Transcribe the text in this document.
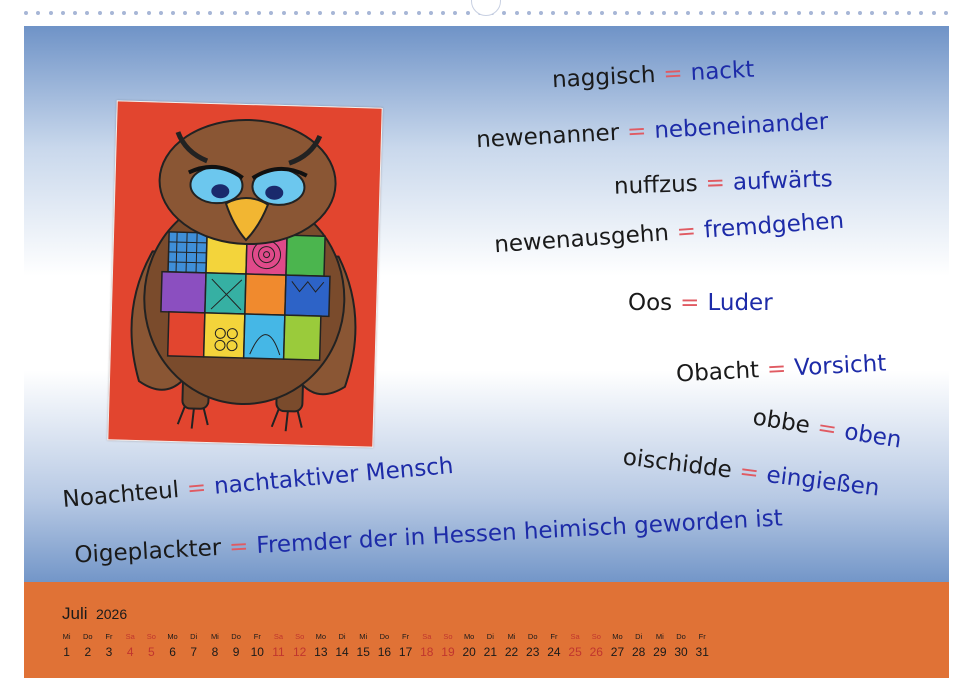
naggisch = nackt
newenanner = nebeneinander
nuffzus = aufwärts
newenausgehn = fremdgehen
Oos = Luder
Obacht = Vorsicht
obbe = oben
oischidde = eingießen
Noachteul = nachtaktiver Mensch
Oigeplackter = Fremder der in Hessen heimisch geworden ist
Juli 2026
Mi
1
Do
2
Fr
3
Sa
4
So
5
Mo
6
Di
7
Mi
8
Do
9
Fr
10
Sa
11
So
12
Mo
13
Di
14
Mi
15
Do
16
Fr
17
Sa
18
So
19
Mo
20
Di
21
Mi
22
Do
23
Fr
24
Sa
25
So
26
Mo
27
Di
28
Mi
29
Do
30
Fr
31
